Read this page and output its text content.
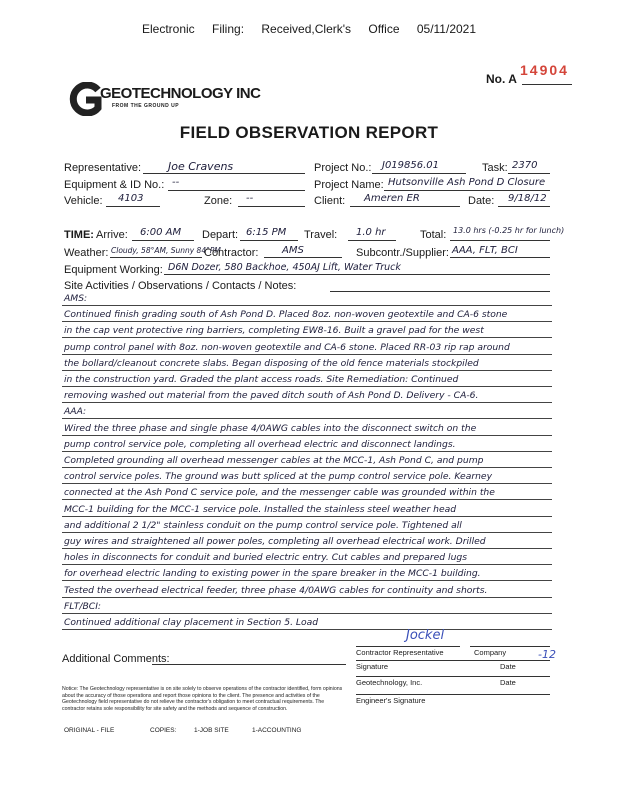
Electronic Filing: Received,Clerk's Office 05/11/2021
14904
No. A
GEOTECHNOLOGY INC
FROM THE GROUND UP
FIELD OBSERVATION REPORT
Representative: Joe Cravens	Project No.: J019856.01	Task: 2370
Equipment & ID No.: --	Project Name: Hutsonville Ash Pond D Closure
Vehicle: 4103	Zone: --	Client: Ameren ER	Date: 9/18/12
TIME: Arrive: 6:00 AM Depart: 6:15 PM Travel: 1.0 hr	Total: 13.0 hrs (-0.25 hr for lunch)
Weather: Cloudy, 58°AM, Sunny 84°PM
Contractor: AMS	Subcontr./Supplier: AAA, FLT, BCI
Equipment Working: D6N Dozer, 580 Backhoe, 450AJ Lift, Water Truck
Site Activities / Observations / Contacts / Notes:
AMS:
Continued finish grading south of Ash Pond D. Placed 8oz. non-woven geotextile and CA-6 stone
in the cap vent protective ring barriers, completing EW8-16. Built a gravel pad for the west
pump control panel with 8oz. non-woven geotextile and CA-6 stone. Placed RR-03 rip rap around
the bollard/cleanout concrete slabs. Began disposing of the old fence materials stockpiled
in the construction yard. Graded the plant access roads. Site Remediation: Continued
removing washed out material from the paved ditch south of Ash Pond D. Delivery - CA-6.
AAA:
Wired the three phase and single phase 4/0AWG cables into the disconnect switch on the
pump control service pole, completing all overhead electric and disconnect landings.
Completed grounding all overhead messenger cables at the MCC-1, Ash Pond C, and pump
control service poles. The ground was butt spliced at the pump control service pole. Kearney
connected at the Ash Pond C service pole, and the messenger cable was grounded within the
MCC-1 building for the MCC-1 service pole. Installed the stainless steel weather head
and additional 2 1/2" stainless conduit on the pump control service pole. Tightened all
guy wires and straightened all power poles, completing all overhead electrical work. Drilled
holes in disconnects for conduit and buried electric entry. Cut cables and prepared lugs
for overhead electric landing to existing power in the spare breaker in the MCC-1 building.
Tested the overhead electrical feeder, three phase 4/0AWG cables for continuity and shorts.
FLT/BCI:
Continued additional clay placement in Section 5. Load
Additional Comments:
Jockel
Contractor Representative	Company
Signature	Date
-12
Geotechnology, Inc.	Date
Engineer's Signature
Notice: The Geotechnology representative is on site solely to observe operations of the contractor identified, form opinions about the accuracy of those operations and report those opinions to the client. The presence and activities of the Geotechnology field representative do not relieve the contractor's obligation to meet contractual requirements. The contractor retains sole responsibility for site safety and the methods and sequence of construction.
ORIGINAL - FILE	COPIES:	1-JOB SITE	1-ACCOUNTING
